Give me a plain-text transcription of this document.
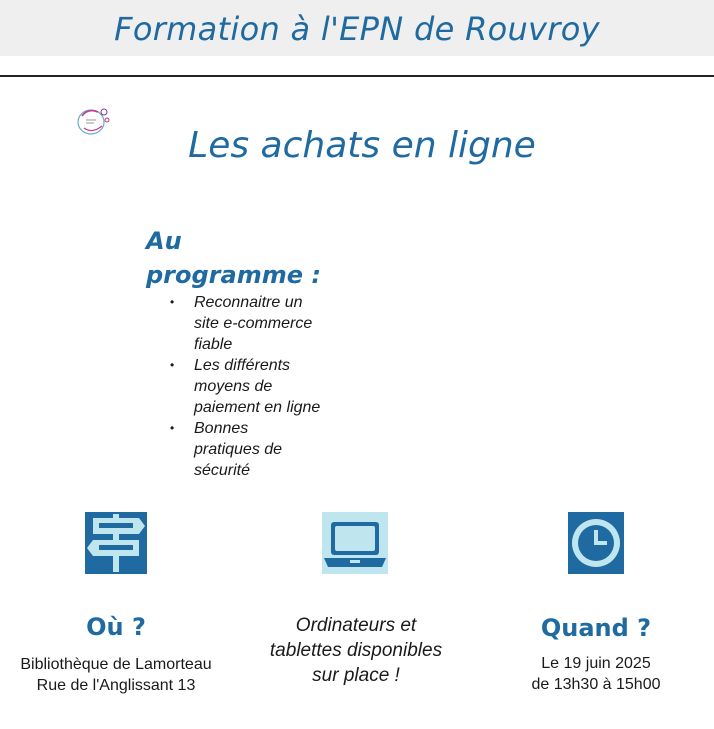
Formation à l'EPN de Rouvroy
Les achats en ligne
Au
programme :
• Reconnaitre un
site e-commerce
fiable
• Les différents
moyens de
paiement en ligne
• Bonnes
pratiques de
sécurité
Où ?
Bibliothèque de Lamorteau
Rue de l'Anglissant 13
Ordinateurs et
tablettes disponibles
sur place !
Quand ?
Le 19 juin 2025
de 13h30 à 15h00
